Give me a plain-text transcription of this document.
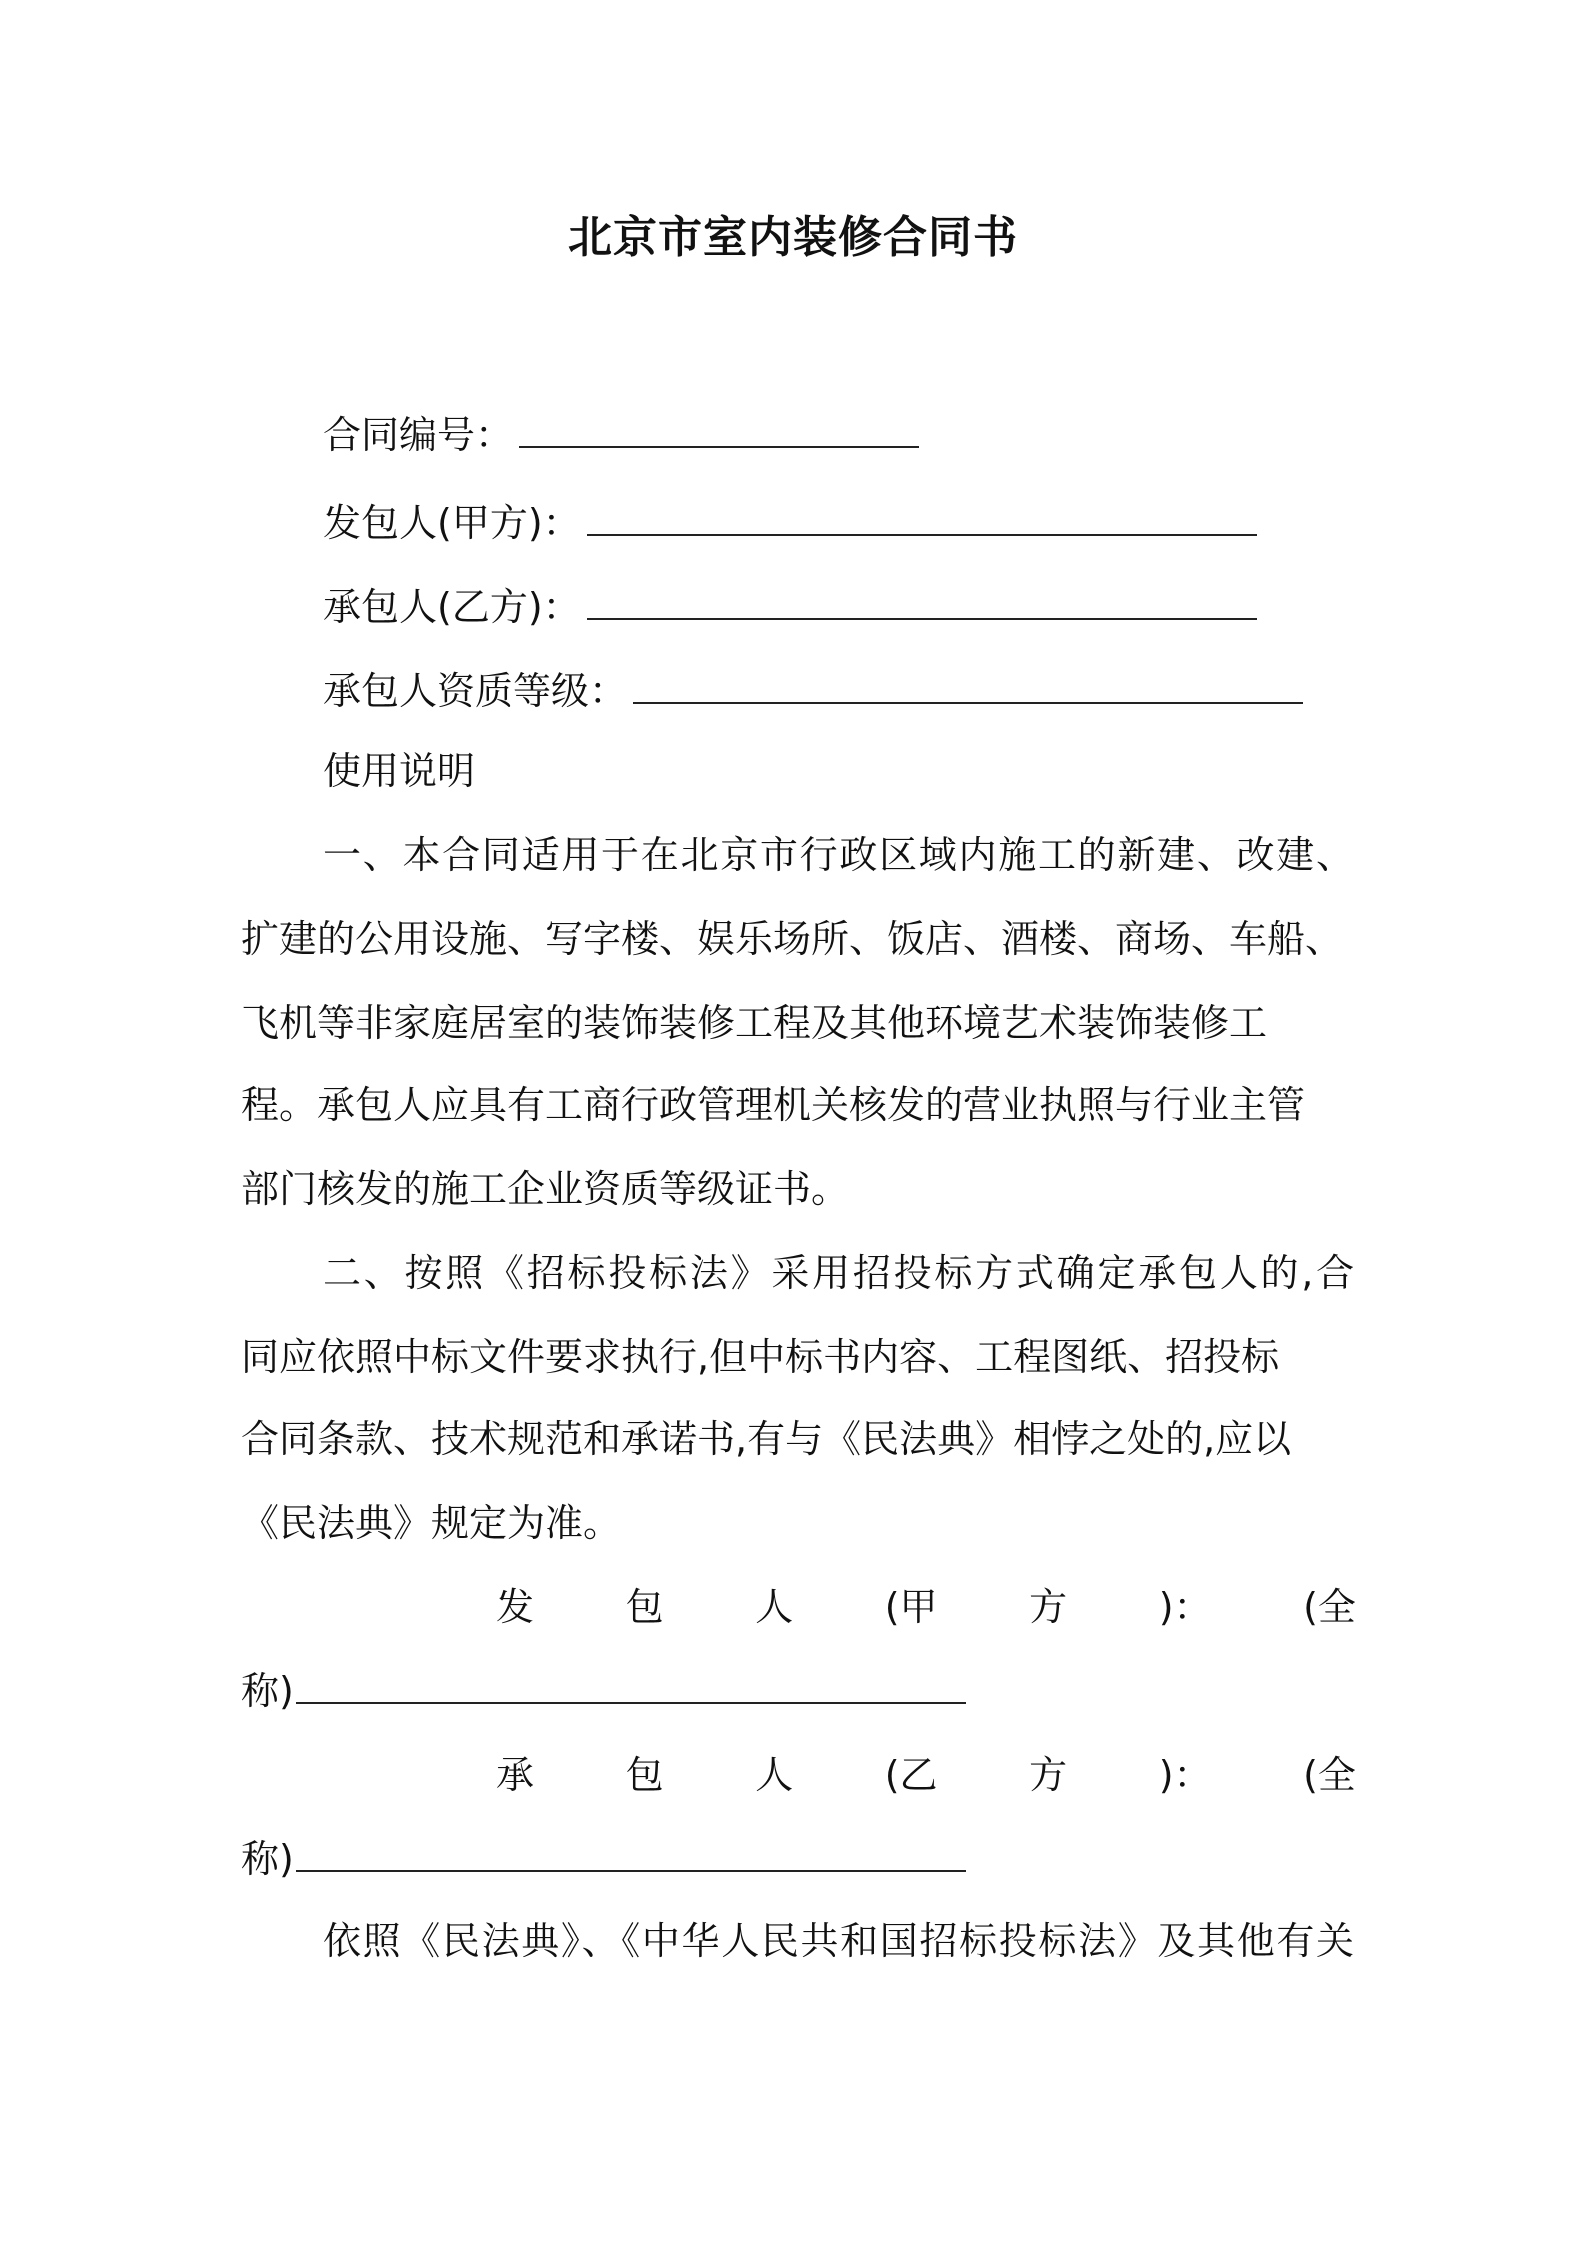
北京市室内装修合同书
合同编号：
发包人(甲方)：
承包人(乙方)：
承包人资质等级：
使用说明
一、本合同适用于在北京市行政区域内施工的新建、改建、
扩建的公用设施、写字楼、娱乐场所、饭店、酒楼、商场、车船、
飞机等非家庭居室的装饰装修工程及其他环境艺术装饰装修工
程。承包人应具有工商行政管理机关核发的营业执照与行业主管
部门核发的施工企业资质等级证书。
二、按照《招标投标法》采用招投标方式确定承包人的,合
同应依照中标文件要求执行,但中标书内容、工程图纸、招投标
合同条款、技术规范和承诺书,有与《民法典》相悖之处的,应以
《民法典》规定为准。
发 包 人 (甲 方 )： (全
称)
承 包 人 (乙 方 )： (全
称)
依照《民法典》、《中华人民共和国招标投标法》及其他有关
